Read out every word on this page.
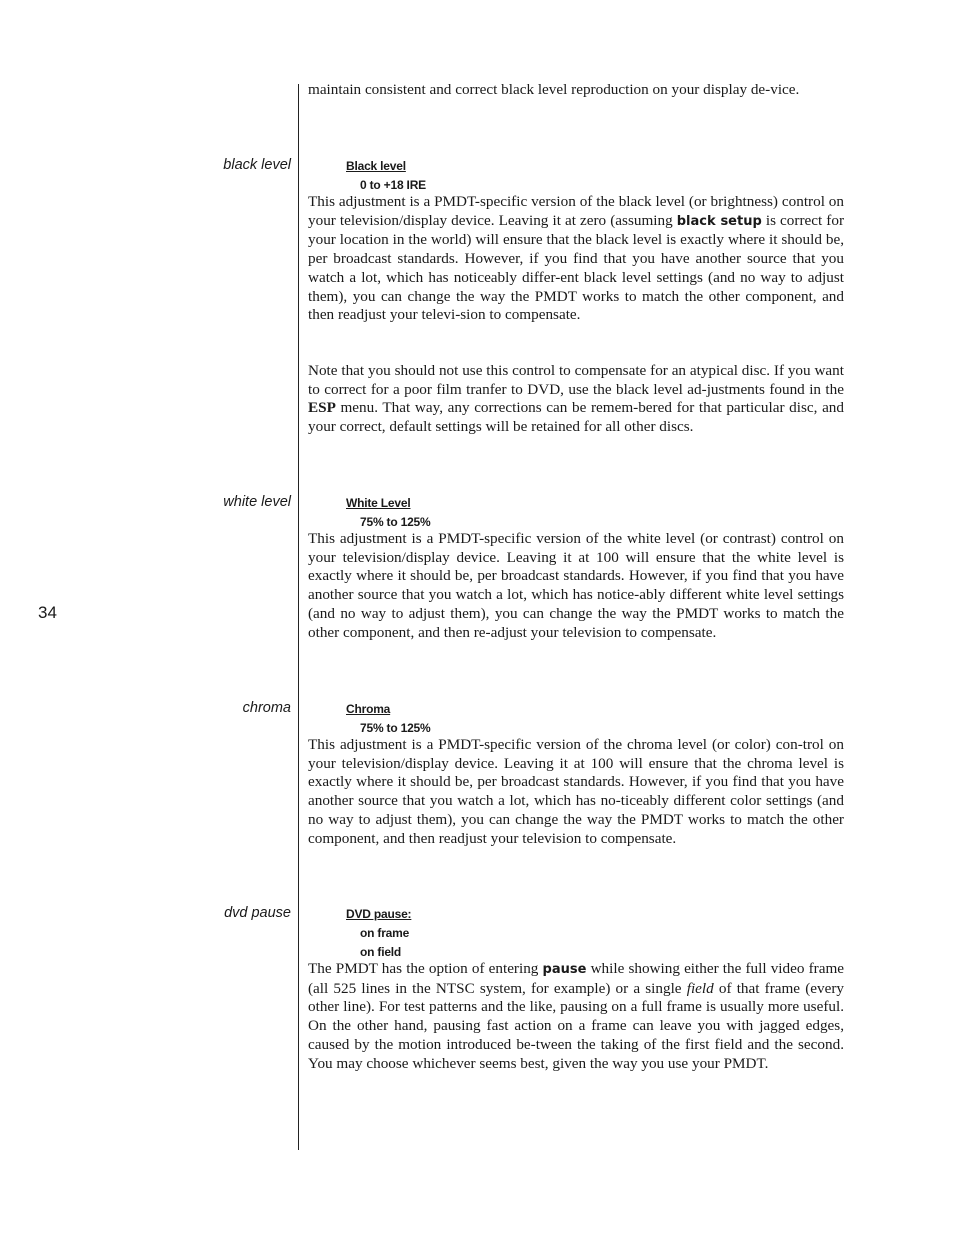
34

maintain consistent and correct black level reproduction on your display de-vice.

black level	Black level

0 to +18 IRE

This adjustment is a PMDT-specific version of the black level (or brightness) control on your television/display device. Leaving it at zero (assuming black setup is correct for your location in the world) will ensure that the black level is exactly where it should be, per broadcast standards. However, if you find that you have another source that you watch a lot, which has noticeably differ-ent black level settings (and no way to adjust them), you can change the way the PMDT works to match the other component, and then readjust your televi-sion to compensate.

Note that you should not use this control to compensate for an atypical disc. If you want to correct for a poor film tranfer to DVD, use the black level ad-justments found in the ESP menu. That way, any corrections can be remem-bered for that particular disc, and your correct, default settings will be retained for all other discs.

white level	White Level

75% to 125%

This adjustment is a PMDT-specific version of the white level (or contrast) control on your television/display device. Leaving it at 100 will ensure that the white level is exactly where it should be, per broadcast standards. However, if you find that you have another source that you watch a lot, which has notice-ably different white level settings (and no way to adjust them), you can change the way the PMDT works to match the other component, and then re-adjust your television to compensate.

chroma	Chroma

75% to 125%

This adjustment is a PMDT-specific version of the chroma level (or color) con-trol on your television/display device. Leaving it at 100 will ensure that the chroma level is exactly where it should be, per broadcast standards. However, if you find that you have another source that you watch a lot, which has no-ticeably different color settings (and no way to adjust them), you can change the way the PMDT works to match the other component, and then readjust your television to compensate.

dvd pause	DVD pause:

on frame

on field

The PMDT has the option of entering pause while showing either the full video frame (all 525 lines in the NTSC system, for example) or a single field of that frame (every other line). For test patterns and the like, pausing on a full frame is usually more useful. On the other hand, pausing fast action on a frame can leave you with jagged edges, caused by the motion introduced be-tween the taking of the first field and the second. You may choose whichever seems best, given the way you use your PMDT.
